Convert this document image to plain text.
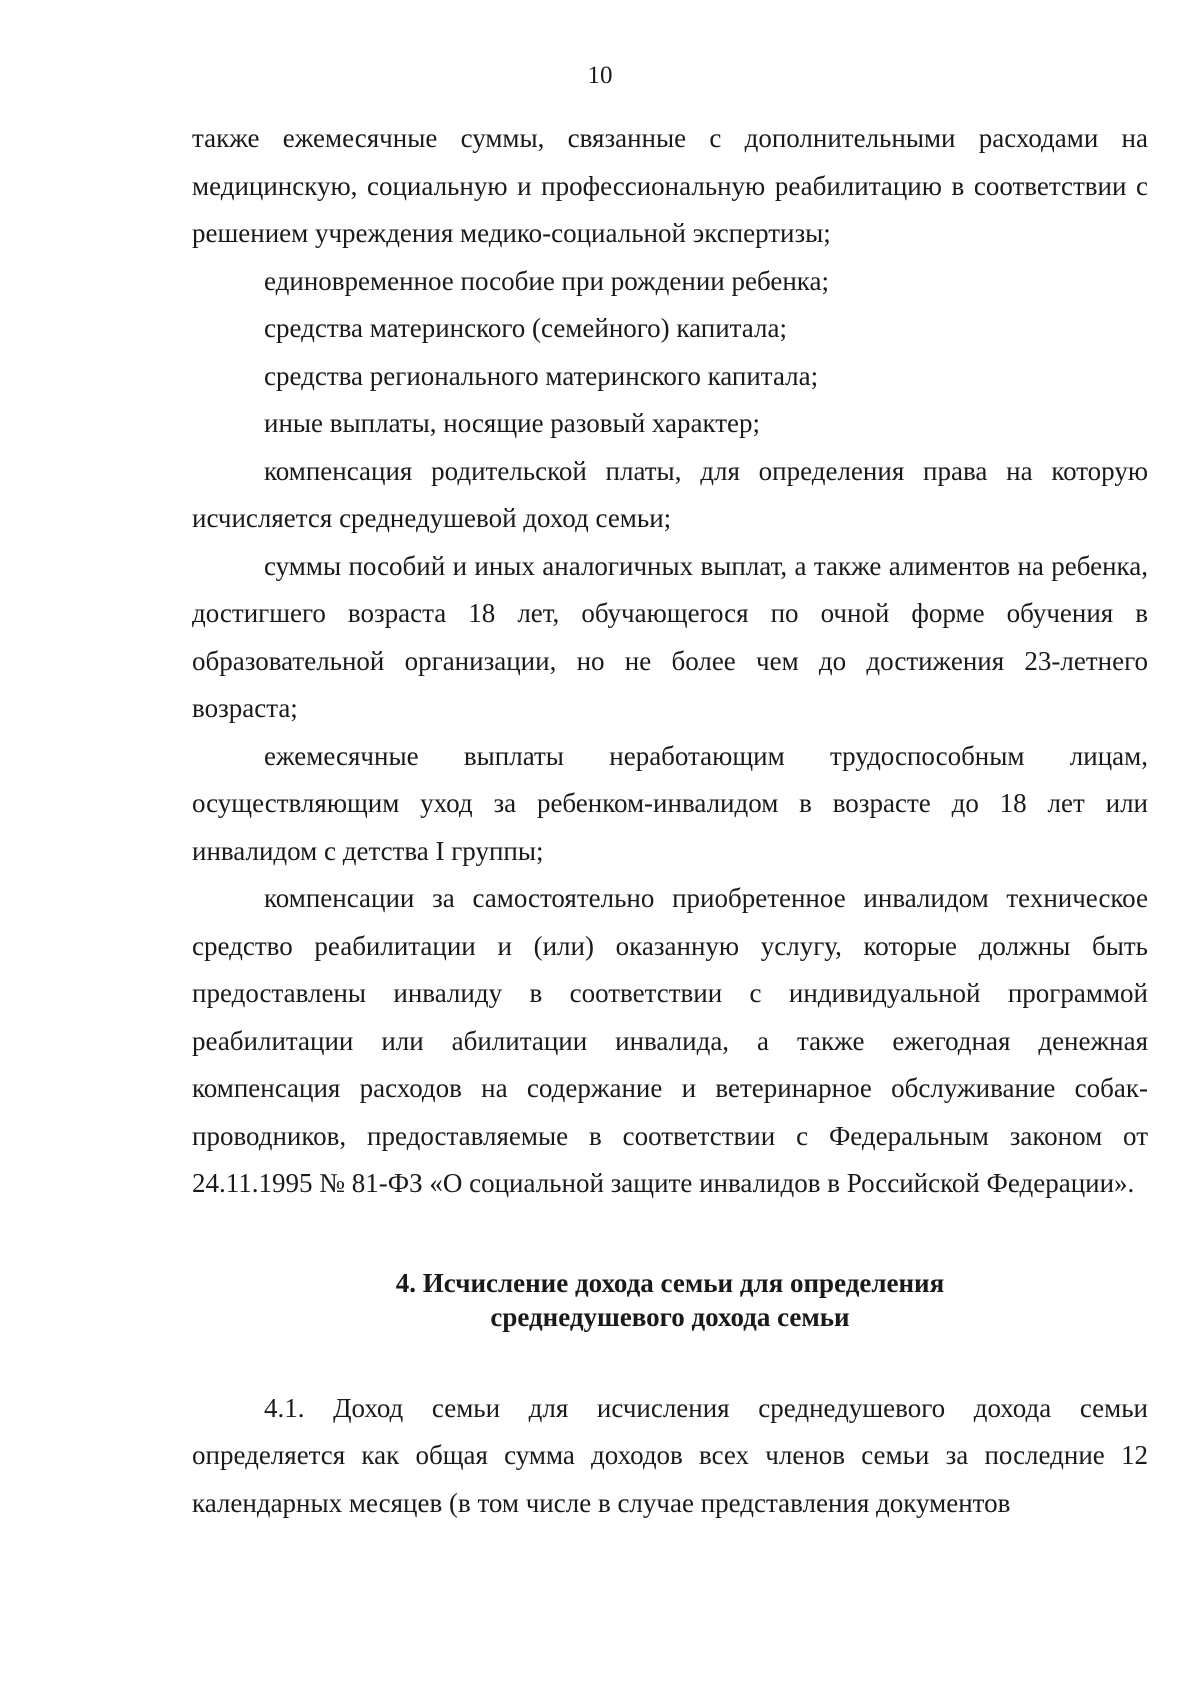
10

также ежемесячные суммы, связанные с дополнительными расходами на медицинскую, социальную и профессиональную реабилитацию в соответствии с решением учреждения медико-социальной экспертизы;

единовременное пособие при рождении ребенка;

средства материнского (семейного) капитала;

средства регионального материнского капитала;

иные выплаты, носящие разовый характер;

компенсация родительской платы, для определения права на которую исчисляется среднедушевой доход семьи;

суммы пособий и иных аналогичных выплат, а также алиментов на ребенка, достигшего возраста 18 лет, обучающегося по очной форме обучения в образовательной организации, но не более чем до достижения 23-летнего возраста;

ежемесячные выплаты неработающим трудоспособным лицам, осуществляющим уход за ребенком-инвалидом в возрасте до 18 лет или инвалидом с детства I группы;

компенсации за самостоятельно приобретенное инвалидом техническое средство реабилитации и (или) оказанную услугу, которые должны быть предоставлены инвалиду в соответствии с индивидуальной программой реабилитации или абилитации инвалида, а также ежегодная денежная компенсация расходов на содержание и ветеринарное обслуживание собак-проводников, предоставляемые в соответствии с Федеральным законом от 24.11.1995 № 81-ФЗ «О социальной защите инвалидов в Российской Федерации».

4. Исчисление дохода семьи для определения
среднедушевого дохода семьи

4.1. Доход семьи для исчисления среднедушевого дохода семьи определяется как общая сумма доходов всех членов семьи за последние 12 календарных месяцев (в том числе в случае представления документов
